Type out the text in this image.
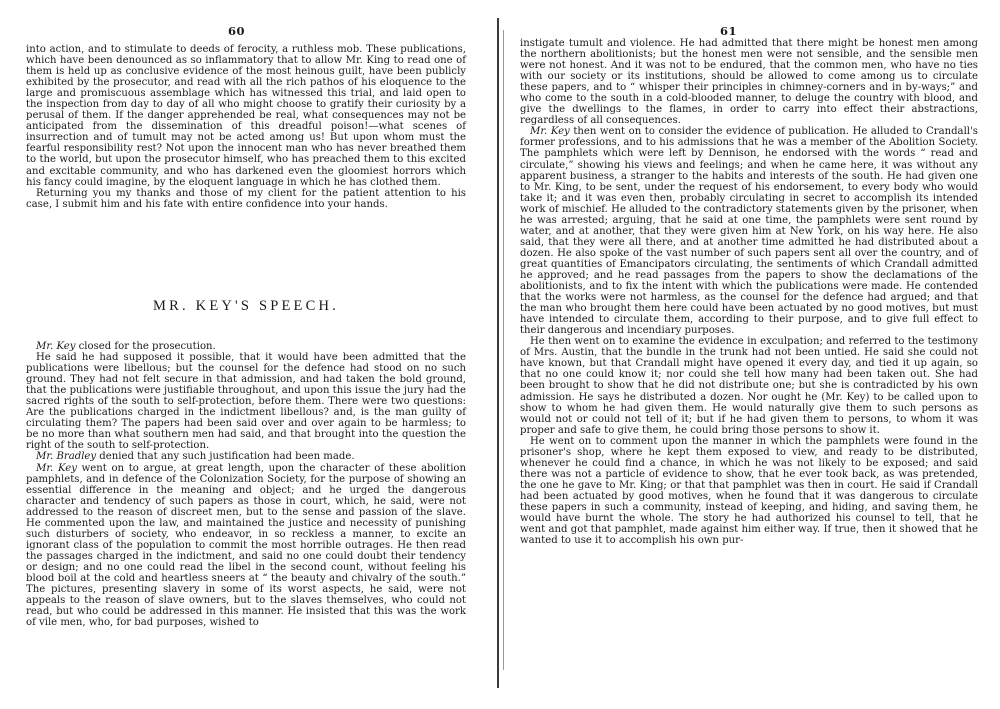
60

into action, and to stimulate to deeds of ferocity, a ruthless mob. These publications, which have been denounced as so inflammatory that to allow Mr. King to read one of them is held up as conclusive evidence of the most heinous guilt, have been publicly exhibited by the prosecutor, and read with all the rich pathos of his eloquence to the large and promiscuous assemblage which has witnessed this trial, and laid open to the inspection from day to day of all who might choose to gratify their curiosity by a perusal of them. If the danger apprehended be real, what consequences may not be anticipated from the dissemination of this dreadful poison!—what scenes of insurrection and of tumult may not be acted among us! But upon whom must the fearful responsibility rest? Not upon the innocent man who has never breathed them to the world, but upon the prosecutor himself, who has preached them to this excited and excitable community, and who has darkened even the gloomiest horrors which his fancy could imagine, by the eloquent language in which he has clothed them.

Returning you my thanks and those of my client for the patient attention to his case, I submit him and his fate with entire confidence into your hands.

MR. KEY'S SPEECH.

Mr. Key closed for the prosecution.

He said he had supposed it possible, that it would have been admitted that the publications were libellous; but the counsel for the defence had stood on no such ground. They had not felt secure in that admission, and had taken the bold ground, that the publications were justifiable throughout, and upon this issue the jury had the sacred rights of the south to self-protection, before them. There were two questions: Are the publications charged in the indictment libellous? and, is the man guilty of circulating them? The papers had been said over and over again to be harmless; to be no more than what southern men had said, and that brought into the question the right of the south to self-protection.

Mr. Bradley denied that any such justification had been made.

Mr. Key went on to argue, at great length, upon the character of these abolition pamphlets, and in defence of the Colonization Society, for the purpose of showing an essential difference in the meaning and object; and he urged the dangerous character and tendency of such papers as those in court, which, he said, were not addressed to the reason of discreet men, but to the sense and passion of the slave. He commented upon the law, and maintained the justice and necessity of punishing such disturbers of society, who endeavor, in so reckless a manner, to excite an ignorant class of the population to commit the most horrible outrages. He then read the passages charged in the indictment, and said no one could doubt their tendency or design; and no one could read the libel in the second count, without feeling his blood boil at the cold and heartless sneers at “ the beauty and chivalry of the south.” The pictures, presenting slavery in some of its worst aspects, he said, were not appeals to the reason of slave owners, but to the slaves themselves, who could not read, but who could be addressed in this manner. He insisted that this was the work of vile men, who, for bad purposes, wished to

61

instigate tumult and violence. He had admitted that there might be honest men among the northern abolitionists; but the honest men were not sensible, and the sensible men were not honest. And it was not to be endured, that the common men, who have no ties with our society or its institutions, should be allowed to come among us to circulate these papers, and to “ whisper their principles in chimney-corners and in by-ways;” and who come to the south in a cold-blooded manner, to deluge the country with blood, and give the dwellings to the flames, in order to carry into effect their abstractions, regardless of all consequences.

Mr. Key then went on to consider the evidence of publication. He alluded to Crandall's former professions, and to his admissions that he was a member of the Abolition Society. The pamphlets which were left by Dennison, he endorsed with the words “ read and circulate,” showing his views and feelings; and when he came here, it was without any apparent business, a stranger to the habits and interests of the south. He had given one to Mr. King, to be sent, under the request of his endorsement, to every body who would take it; and it was even then, probably circulating in secret to accomplish its intended work of mischief. He alluded to the contradictory statements given by the prisoner, when he was arrested; arguing, that he said at one time, the pamphlets were sent round by water, and at another, that they were given him at New York, on his way here. He also said, that they were all there, and at another time admitted he had distributed about a dozen. He also spoke of the vast number of such papers sent all over the country, and of great quantities of Emancipators circulating, the sentiments of which Crandall admitted he approved; and he read passages from the papers to show the declamations of the abolitionists, and to fix the intent with which the publications were made. He contended that the works were not harmless, as the counsel for the defence had argued; and that the man who brought them here could have been actuated by no good motives, but must have intended to circulate them, according to their purpose, and to give full effect to their dangerous and incendiary purposes.

He then went on to examine the evidence in exculpation; and referred to the testimony of Mrs. Austin, that the bundle in the trunk had not been untied. He said she could not have known, but that Crandall might have opened it every day, and tied it up again, so that no one could know it; nor could she tell how many had been taken out. She had been brought to show that he did not distribute one; but she is contradicted by his own admission. He says he distributed a dozen. Nor ought he (Mr. Key) to be called upon to show to whom he had given them. He would naturally give them to such persons as would not or could not tell of it; but if he had given them to persons, to whom it was proper and safe to give them, he could bring those persons to show it.

He went on to comment upon the manner in which the pamphlets were found in the prisoner's shop, where he kept them exposed to view, and ready to be distributed, whenever he could find a chance, in which he was not likely to be exposed; and said there was not a particle of evidence to show, that he ever took back, as was pretended, the one he gave to Mr. King; or that that pamphlet was then in court. He said if Crandall had been actuated by good motives, when he found that it was dangerous to circulate these papers in such a community, instead of keeping, and hiding, and saving them, he would have burnt the whole. The story he had authorized his counsel to tell, that he went and got that pamphlet, made against him either way. If true, then it showed that he wanted to use it to accomplish his own pur-
